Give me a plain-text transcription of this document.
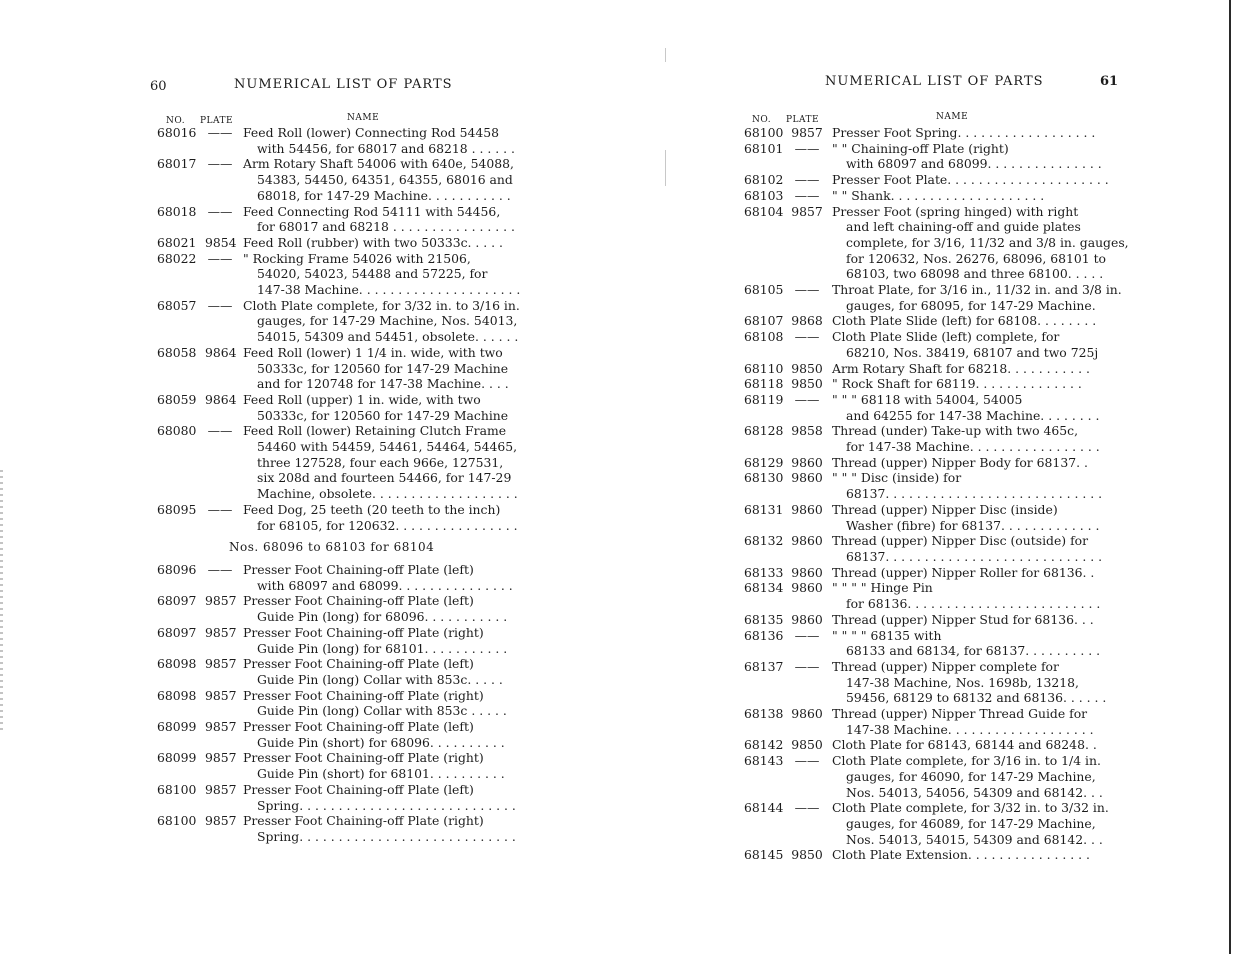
60	NUMERICAL LIST OF PARTS
NO. PLATE	NAME
68016 —— Feed Roll (lower) Connecting Rod 54458
with 54456, for 68017 and 68218 . . . . . .
68017 —— Arm Rotary Shaft 54006 with 640e, 54088,
54383, 54450, 64351, 64355, 68016 and
68018, for 147-29 Machine. . . . . . . . . . .
68018 —— Feed Connecting Rod 54111 with 54456,
for 68017 and 68218 . . . . . . . . . . . . . . . .
68021 9854 Feed Roll (rubber) with two 50333c. . . . .
68022 —— " Rocking Frame 54026 with 21506,
54020, 54023, 54488 and 57225, for
147-38 Machine. . . . . . . . . . . . . . . . . . . . .
68057 —— Cloth Plate complete, for 3/32 in. to 3/16 in.
gauges, for 147-29 Machine, Nos. 54013,
54015, 54309 and 54451, obsolete. . . . . .
68058 9864 Feed Roll (lower) 1 1/4 in. wide, with two
50333c, for 120560 for 147-29 Machine
and for 120748 for 147-38 Machine. . . .
68059 9864 Feed Roll (upper) 1 in. wide, with two
50333c, for 120560 for 147-29 Machine
68080 —— Feed Roll (lower) Retaining Clutch Frame
54460 with 54459, 54461, 54464, 54465,
three 127528, four each 966e, 127531,
six 208d and fourteen 54466, for 147-29
Machine, obsolete. . . . . . . . . . . . . . . . . . .
68095 —— Feed Dog, 25 teeth (20 teeth to the inch)
for 68105, for 120632. . . . . . . . . . . . . . . .
Nos. 68096 to 68103 for 68104
68096 —— Presser Foot Chaining-off Plate (left)
with 68097 and 68099. . . . . . . . . . . . . . .
68097 9857 Presser Foot Chaining-off Plate (left)
Guide Pin (long) for 68096. . . . . . . . . . .
68097 9857 Presser Foot Chaining-off Plate (right)
Guide Pin (long) for 68101. . . . . . . . . . .
68098 9857 Presser Foot Chaining-off Plate (left)
Guide Pin (long) Collar with 853c. . . . .
68098 9857 Presser Foot Chaining-off Plate (right)
Guide Pin (long) Collar with 853c . . . . .
68099 9857 Presser Foot Chaining-off Plate (left)
Guide Pin (short) for 68096. . . . . . . . . .
68099 9857 Presser Foot Chaining-off Plate (right)
Guide Pin (short) for 68101. . . . . . . . . .
68100 9857 Presser Foot Chaining-off Plate (left)
Spring. . . . . . . . . . . . . . . . . . . . . . . . . . . .
68100 9857 Presser Foot Chaining-off Plate (right)
Spring. . . . . . . . . . . . . . . . . . . . . . . . . . . .
NUMERICAL LIST OF PARTS	61
NO. PLATE	NAME
68100 9857 Presser Foot Spring. . . . . . . . . . . . . . . . . .
68101 ——	" " Chaining-off Plate (right)
with 68097 and 68099. . . . . . . . . . . . . . .
68102 ——	Presser Foot Plate. . . . . . . . . . . . . . . . . . . . .
68103 ——	" " Shank. . . . . . . . . . . . . . . . . . . .
68104 9857 Presser Foot (spring hinged) with right
and left chaining-off and guide plates
complete, for 3/16, 11/32 and 3/8 in. gauges,
for 120632, Nos. 26276, 68096, 68101 to
68103, two 68098 and three 68100. . . . .
68105 ——	Throat Plate, for 3/16 in., 11/32 in. and 3/8 in.
gauges, for 68095, for 147-29 Machine.
68107 9868 Cloth Plate Slide (left) for 68108. . . . . . . .
68108 ——	Cloth Plate Slide (left) complete, for
68210, Nos. 38419, 68107 and two 725j
68110 9850 Arm Rotary Shaft for 68218. . . . . . . . . . .
68118 9850 " Rock Shaft for 68119. . . . . . . . . . . . . .
68119 ——	" " " 68118 with 54004, 54005
and 64255 for 147-38 Machine. . . . . . . .
68128 9858 Thread (under) Take-up with two 465c,
for 147-38 Machine. . . . . . . . . . . . . . . . .
68129 9860 Thread (upper) Nipper Body for 68137. .
68130 9860 " " " Disc (inside) for
68137. . . . . . . . . . . . . . . . . . . . . . . . . . . .
68131 9860 Thread (upper) Nipper Disc (inside)
Washer (fibre) for 68137. . . . . . . . . . . . .
68132 9860 Thread (upper) Nipper Disc (outside) for
68137. . . . . . . . . . . . . . . . . . . . . . . . . . . .
68133 9860 Thread (upper) Nipper Roller for 68136. .
68134 9860 " " " " Hinge Pin
for 68136. . . . . . . . . . . . . . . . . . . . . . . . .
68135 9860 Thread (upper) Nipper Stud for 68136. . .
68136 ——	" " " " 68135 with
68133 and 68134, for 68137. . . . . . . . . .
68137 ——	Thread (upper) Nipper complete for
147-38 Machine, Nos. 1698b, 13218,
59456, 68129 to 68132 and 68136. . . . . .
68138 9860 Thread (upper) Nipper Thread Guide for
147-38 Machine. . . . . . . . . . . . . . . . . . .
68142 9850 Cloth Plate for 68143, 68144 and 68248. .
68143 ——	Cloth Plate complete, for 3/16 in. to 1/4 in.
gauges, for 46090, for 147-29 Machine,
Nos. 54013, 54056, 54309 and 68142. . .
68144 ——	Cloth Plate complete, for 3/32 in. to 3/32 in.
gauges, for 46089, for 147-29 Machine,
Nos. 54013, 54015, 54309 and 68142. . .
68145 9850 Cloth Plate Extension. . . . . . . . . . . . . . . .
